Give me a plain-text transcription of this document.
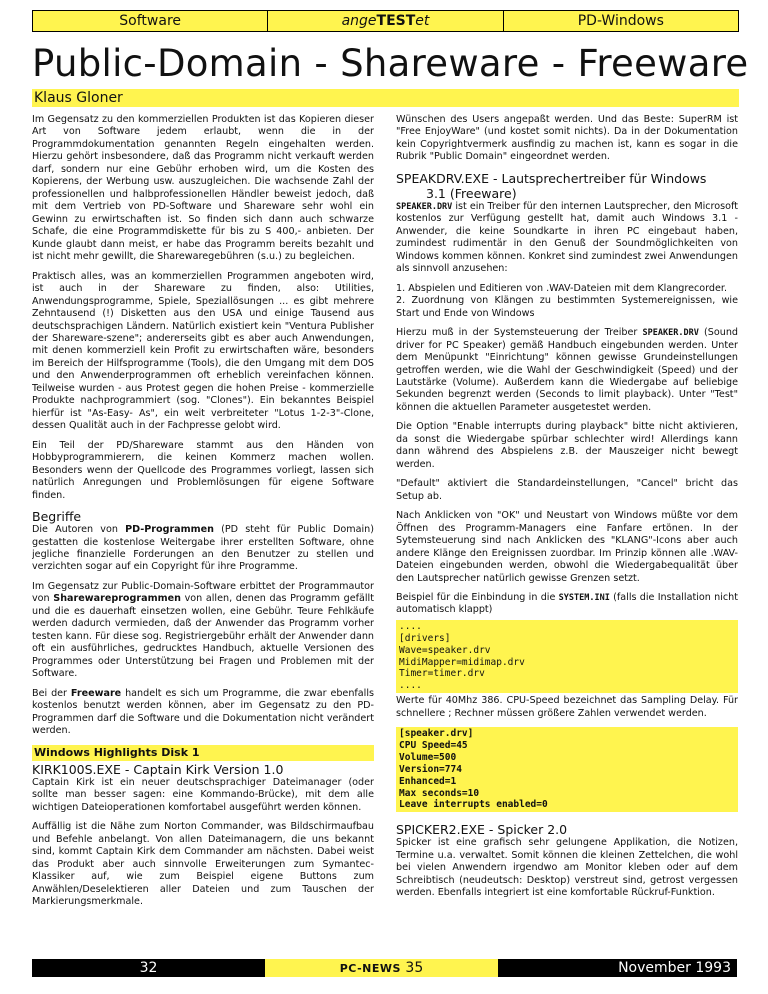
Software	angeTESTet	PD-Windows
Public-Domain - Shareware - Freeware
Klaus Gloner

Im Gegensatz zu den kommerziellen Produkten ist das Kopieren dieser Art von Software jedem erlaubt, wenn die in der Programmdokumentation genannten Regeln eingehalten werden. Hierzu gehört insbesondere, daß das Programm nicht verkauft werden darf, sondern nur eine Gebühr erhoben wird, um die Kosten des Kopierens, der Werbung usw. auszugleichen. Die wachsende Zahl der professionellen und halbprofessionellen Händler beweist jedoch, daß mit dem Vertrieb von PD-Software und Shareware sehr wohl ein Gewinn zu erwirtschaften ist. So finden sich dann auch schwarze Schafe, die eine Programmdiskette für bis zu S 400,- anbieten. Der Kunde glaubt dann meist, er habe das Programm bereits bezahlt und ist nicht mehr gewillt, die Sharewaregebühren (s.u.) zu begleichen.

Praktisch alles, was an kommerziellen Programmen angeboten wird, ist auch in der Shareware zu finden, also: Utilities, Anwendungsprogramme, Spiele, Speziallösungen ... es gibt mehrere Zehntausend (!) Disketten aus den USA und einige Tausend aus deutschsprachigen Ländern. Natürlich existiert kein "Ventura Publisher der Shareware-szene"; andererseits gibt es aber auch Anwendungen, mit denen kommerziell kein Profit zu erwirtschaften wäre, besonders im Bereich der Hilfsprogramme (Tools), die den Umgang mit dem DOS und den Anwenderprogrammen oft erheblich vereinfachen können. Teilweise wurden - aus Protest gegen die hohen Preise - kommerzielle Produkte nachprogrammiert (sog. "Clones"). Ein bekanntes Beispiel hierfür ist "As-Easy- As", ein weit verbreiteter "Lotus 1-2-3"-Clone, dessen Qualität auch in der Fachpresse gelobt wird.

Ein Teil der PD/Shareware stammt aus den Händen von Hobbyprogrammierern, die keinen Kommerz machen wollen. Besonders wenn der Quellcode des Programmes vorliegt, lassen sich natürlich Anregungen und Problemlösungen für eigene Software finden.

Begriffe

Die Autoren von PD-Programmen (PD steht für Public Domain) gestatten die kostenlose Weitergabe ihrer erstellten Software, ohne jegliche finanzielle Forderungen an den Benutzer zu stellen und verzichten sogar auf ein Copyright für ihre Programme.

Im Gegensatz zur Public-Domain-Software erbittet der Programmautor von Sharewareprogrammen von allen, denen das Programm gefällt und die es dauerhaft einsetzen wollen, eine Gebühr. Teure Fehlkäufe werden dadurch vermieden, daß der Anwender das Programm vorher testen kann. Für diese sog. Registriergebühr erhält der Anwender dann oft ein ausführliches, gedrucktes Handbuch, aktuelle Versionen des Programmes oder Unterstützung bei Fragen und Problemen mit der Software.

Bei der Freeware handelt es sich um Programme, die zwar ebenfalls kostenlos benutzt werden können, aber im Gegensatz zu den PD-Programmen darf die Software und die Dokumentation nicht verändert werden.

Windows Highlights Disk 1
KIRK100S.EXE - Captain Kirk Version 1.0

Captain Kirk ist ein neuer deutschsprachiger Dateimanager (oder sollte man besser sagen: eine Kommando-Brücke), mit dem alle wichtigen Dateioperationen komfortabel ausgeführt werden können.

Auffällig ist die Nähe zum Norton Commander, was Bildschirmaufbau und Befehle anbelangt. Von allen Dateimanagern, die uns bekannt sind, kommt Captain Kirk dem Commander am nächsten. Dabei weist das Produkt aber auch sinnvolle Erweiterungen zum Symantec-Klassiker auf, wie zum Beispiel eigene Buttons zum Anwählen/Deselektieren aller Dateien und zum Tauschen der Markierungsmerkmale.

Wünschen des Users angepaßt werden. Und das Beste: SuperRM ist "Free EnjoyWare" (und kostet somit nichts). Da in der Dokumentation kein Copyrightvermerk ausfindig zu machen ist, kann es sogar in die Rubrik "Public Domain" eingeordnet werden.

SPEAKDRV.EXE - Lautsprechertreiber für Windows
3.1 (Freeware)

SPEAKER.DRV ist ein Treiber für den internen Lautsprecher, den Microsoft kostenlos zur Verfügung gestellt hat, damit auch Windows 3.1 - Anwender, die keine Soundkarte in ihren PC eingebaut haben, zumindest rudimentär in den Genuß der Soundmöglichkeiten von Windows kommen können. Konkret sind zumindest zwei Anwendungen als sinnvoll anzusehen:

1. Abspielen und Editieren von .WAV-Dateien mit dem Klangrecorder.
2. Zuordnung von Klängen zu bestimmten Systemereignissen, wie Start und Ende von Windows

Hierzu muß in der Systemsteuerung der Treiber SPEAKER.DRV (Sound driver for PC Speaker) gemäß Handbuch eingebunden werden. Unter dem Menüpunkt "Einrichtung" können gewisse Grundeinstellungen getroffen werden, wie die Wahl der Geschwindigkeit (Speed) und der Lautstärke (Volume). Außerdem kann die Wiedergabe auf beliebige Sekunden begrenzt werden (Seconds to limit playback). Unter "Test" können die aktuellen Parameter ausgetestet werden.

Die Option "Enable interrupts during playback" bitte nicht aktivieren, da sonst die Wiedergabe spürbar schlechter wird! Allerdings kann dann während des Abspielens z.B. der Mauszeiger nicht bewegt werden.

"Default" aktiviert die Standardeinstellungen, "Cancel" bricht das Setup ab.

Nach Anklicken von "OK" und Neustart von Windows müßte vor dem Öffnen des Programm-Managers eine Fanfare ertönen. In der Sytemsteuerung sind nach Anklicken des "KLANG"-Icons aber auch andere Klänge den Ereignissen zuordbar. Im Prinzip können alle .WAV-Dateien eingebunden werden, obwohl die Wiedergabequalität über den Lautsprecher natürlich gewisse Grenzen setzt.

Beispiel für die Einbindung in die SYSTEM.INI (falls die Installation nicht automatisch klappt)

....
[drivers]
Wave=speaker.drv
MidiMapper=midimap.drv
Timer=timer.drv
....

Werte für 40Mhz 386. CPU-Speed bezeichnet das Sampling Delay. Für schnellere ; Rechner müssen größere Zahlen verwendet werden.

[speaker.drv]
CPU Speed=45
Volume=500
Version=774
Enhanced=1
Max seconds=10
Leave interrupts enabled=0
SPICKER2.EXE - Spicker 2.0

Spicker ist eine grafisch sehr gelungene Applikation, die Notizen, Termine u.a. verwaltet. Somit können die kleinen Zettelchen, die wohl bei vielen Anwendern irgendwo am Monitor kleben oder auf dem Schreibtisch (neudeutsch: Desktop) verstreut sind, getrost vergessen werden. Ebenfalls integriert ist eine komfortable Rückruf-Funktion.

32	PC-NEWS 35	November 1993
